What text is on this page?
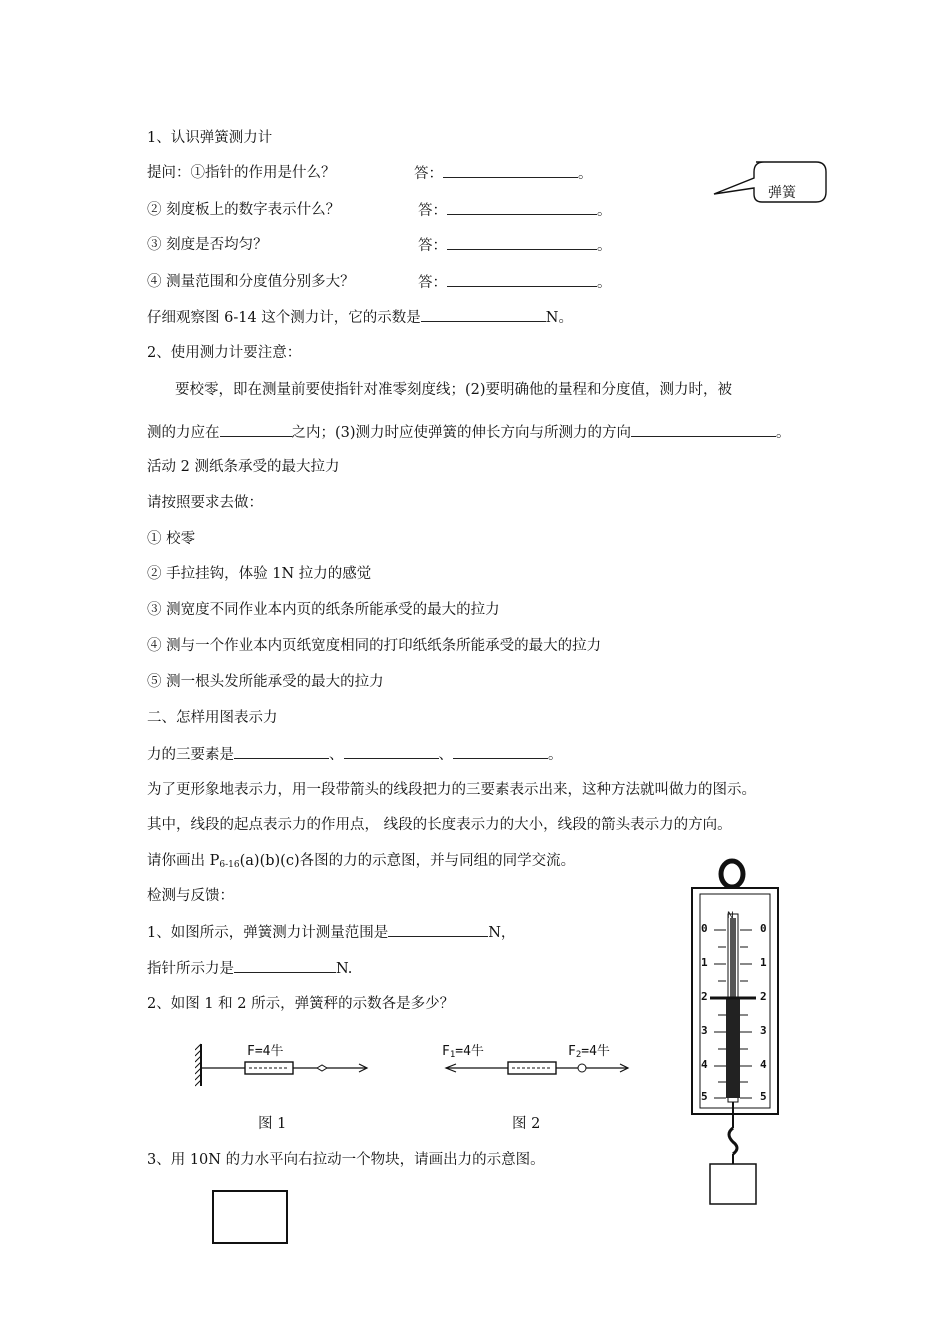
1、认识弹簧测力计
提问：①指针的作用是什么？	答：	。
② 刻度板上的数字表示什么？	答：	。
③ 刻度是否均匀？	答：	。
④ 测量范围和分度值分别多大？	答：	。
仔细观察图 6-14 这个测力计，它的示数是	N。
弹簧
2、使用测力计要注意：
要校零，即在测量前要使指针对准零刻度线；(2)要明确他的量程和分度值，测力时，被
测的力应在	之内；(3)测力时应使弹簧的伸长方向与所测力的方向	。
活动 2 测纸条承受的最大拉力
请按照要求去做：
① 校零
② 手拉挂钩，体验 1N 拉力的感觉
③ 测宽度不同作业本内页的纸条所能承受的最大的拉力
④ 测与一个作业本内页纸宽度相同的打印纸纸条所能承受的最大的拉力
⑤ 测一根头发所能承受的最大的拉力
二、怎样用图表示力
力的三要素是	、	、	。
为了更形象地表示力，用一段带箭头的线段把力的三要素表示出来，这种方法就叫做力的图示。
其中，线段的起点表示力的作用点， 线段的长度表示力的大小，线段的箭头表示力的方向。
请你画出 $P_{6-16}(a)(b)(c)$各图的力的示意图，并与同组的同学交流。
检测与反馈：
1、如图所示，弹簧测力计测量范围是	N，
指针所示力是	N.
2、如图 1 和 2 所示，弹簧秤的示数各是多少？
F=4牛
图 1
$F_1=4$牛	$F_2=4$牛
图 2
3、用 10N 的力水平向右拉动一个物块，请画出力的示意图。
N
0	0
1	1
2	2
3	3
4	4
5	5
